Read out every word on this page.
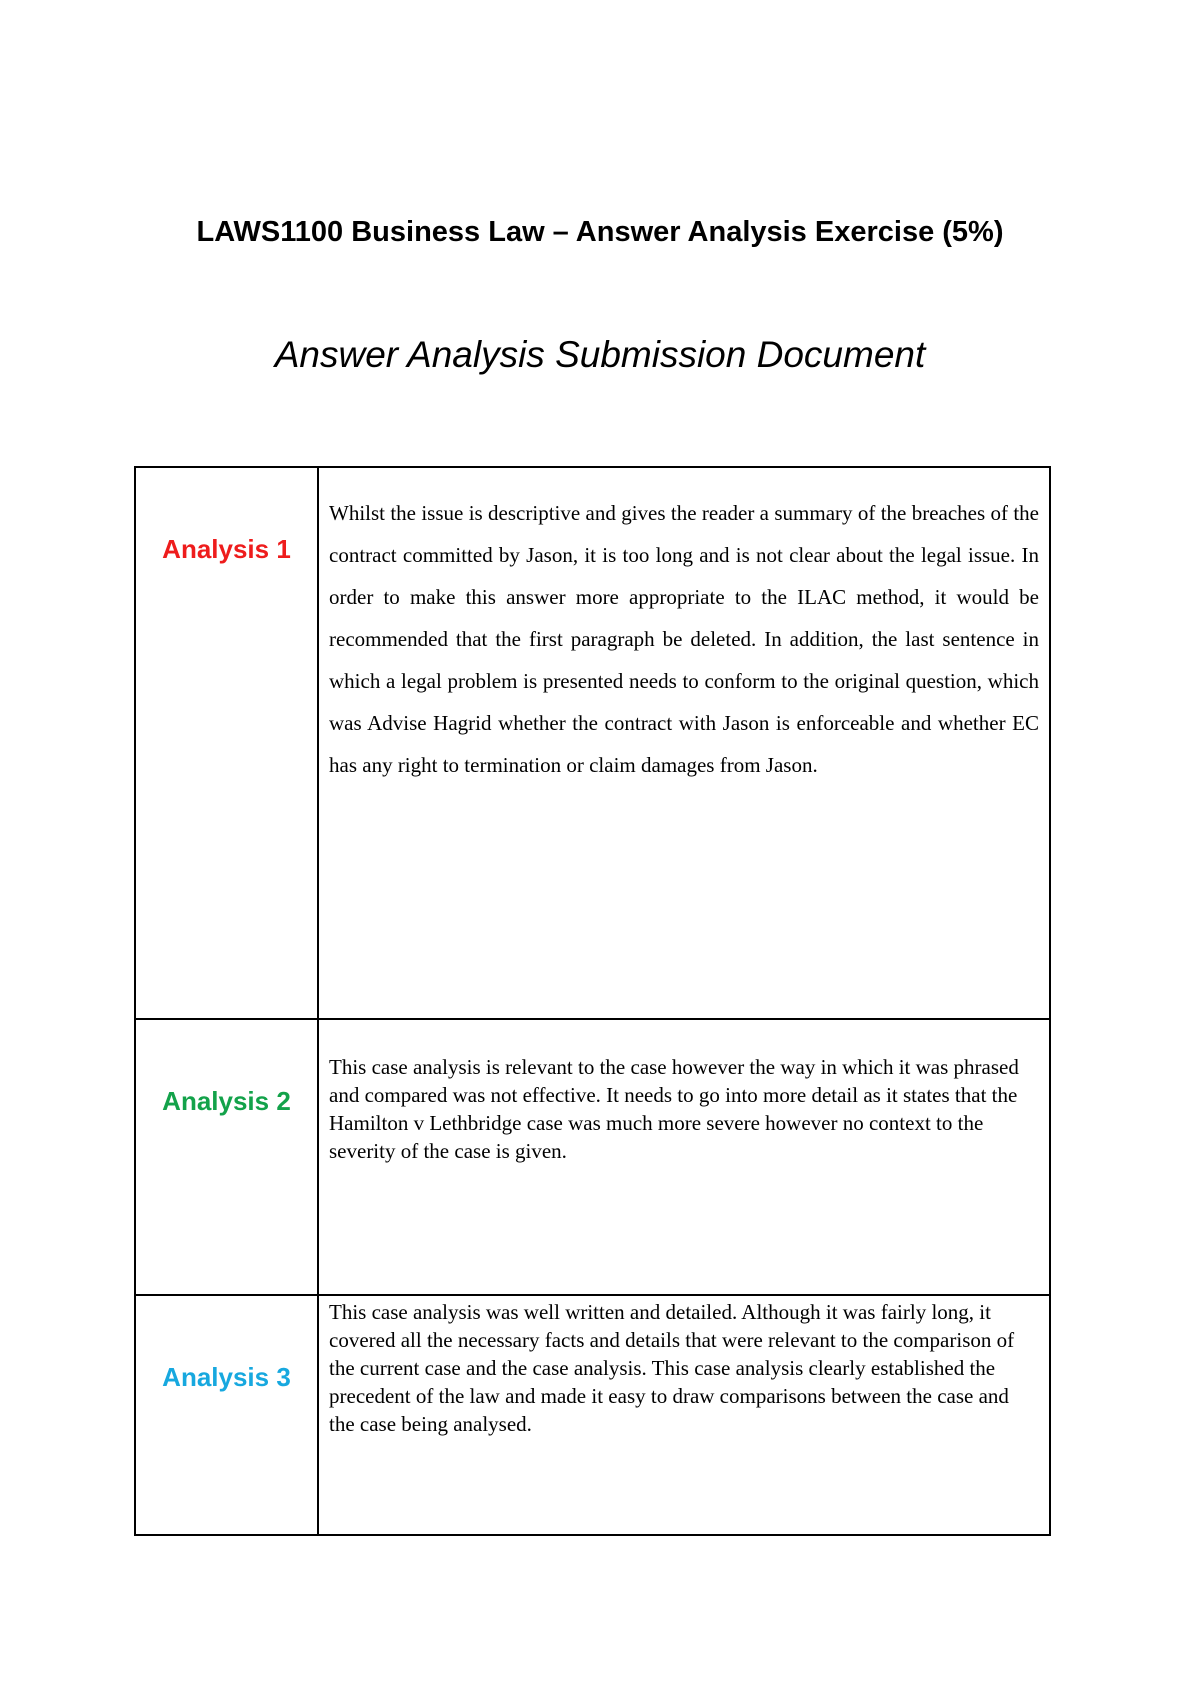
LAWS1100 Business Law – Answer Analysis Exercise (5%)
Answer Analysis Submission Document
Analysis 1	Whilst the issue is descriptive and gives the reader a summary of the breaches of the contract committed by Jason, it is too long and is not clear about the legal issue. In order to make this answer more appropriate to the ILAC method, it would be recommended that the first paragraph be deleted. In addition, the last sentence in which a legal problem is presented needs to conform to the original question, which was Advise Hagrid whether the contract with Jason is enforceable and whether EC has any right to termination or claim damages from Jason.

Analysis 2	This case analysis is relevant to the case however the way in which it was phrased and compared was not effective. It needs to go into more detail as it states that the Hamilton v Lethbridge case was much more severe however no context to the severity of the case is given.

Analysis 3	This case analysis was well written and detailed. Although it was fairly long, it covered all the necessary facts and details that were relevant to the comparison of the current case and the case analysis. This case analysis clearly established the precedent of the law and made it easy to draw comparisons between the case and the case being analysed.
